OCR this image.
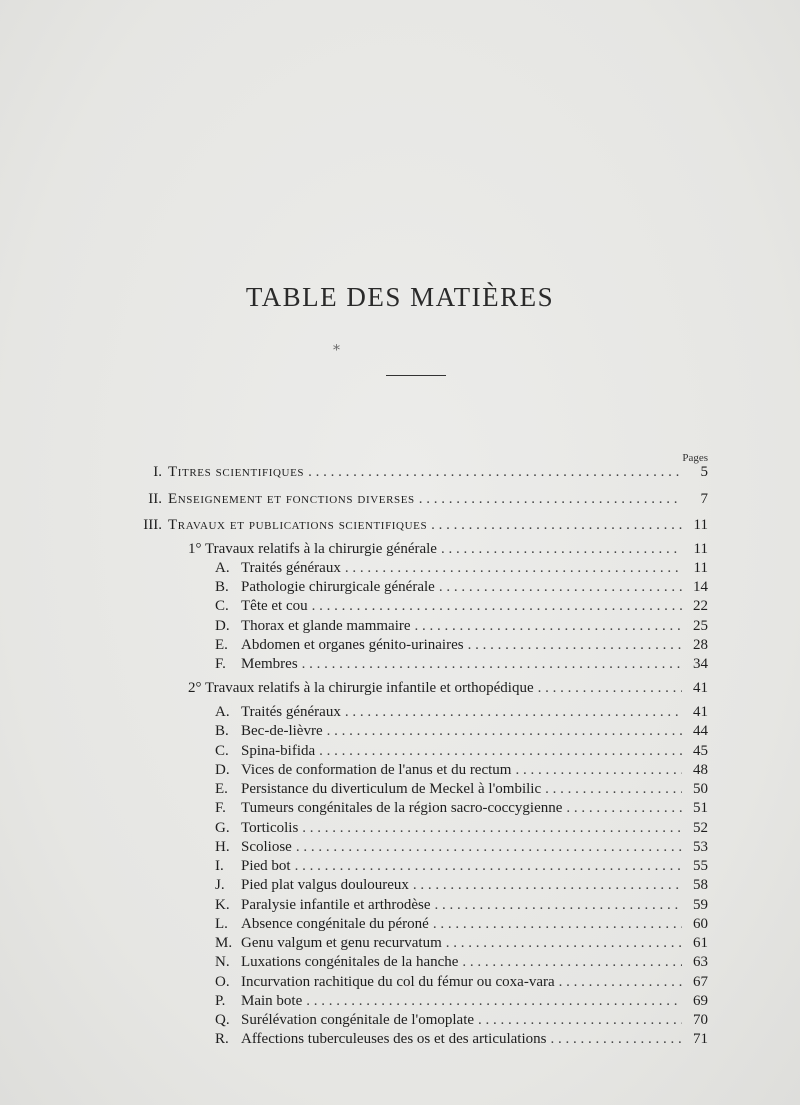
TABLE DES MATIÈRES
⁎
Pages
I. Titres scientifiques . . .	5
II. Enseignement et fonctions diverses . . .	7
III. Travaux et publications scientifiques . . .	11
1° Travaux relatifs à la chirurgie générale . . .	11
A. Traités généraux . . .	11
B. Pathologie chirurgicale générale . . .	14
C. Tête et cou . . .	22
D. Thorax et glande mammaire . . .	25
E. Abdomen et organes génito-urinaires . . .	28
F.	Membres . . .	34
2° Travaux relatifs à la chirurgie infantile et orthopédique . . .	41
A. Traités généraux . . .	41
B. Bec-de-lièvre . . .	44
C. Spina-bifida . . .	45
D. Vices de conformation de l'anus et du rectum . . .	48
E. Persistance du diverticulum de Meckel à l'ombilic . . .	50
F.	Tumeurs congénitales de la région sacro-coccygienne . . .	51
G. Torticolis . . .	52
H. Scoliose . . .	53
I.	Pied bot . . .	55
J.	Pied plat valgus douloureux . . .	58
K. Paralysie infantile et arthrodèse . . .	59
L. Absence congénitale du péroné . . .	60
M. Genu valgum et genu recurvatum . . .	61
N. Luxations congénitales de la hanche . . .	63
O. Incurvation rachitique du col du fémur ou coxa-vara . . .	67
P.	Main bote . . .	69
Q. Surélévation congénitale de l'omoplate . . .	70
R. Affections tuberculeuses des os et des articulations . . .	71
